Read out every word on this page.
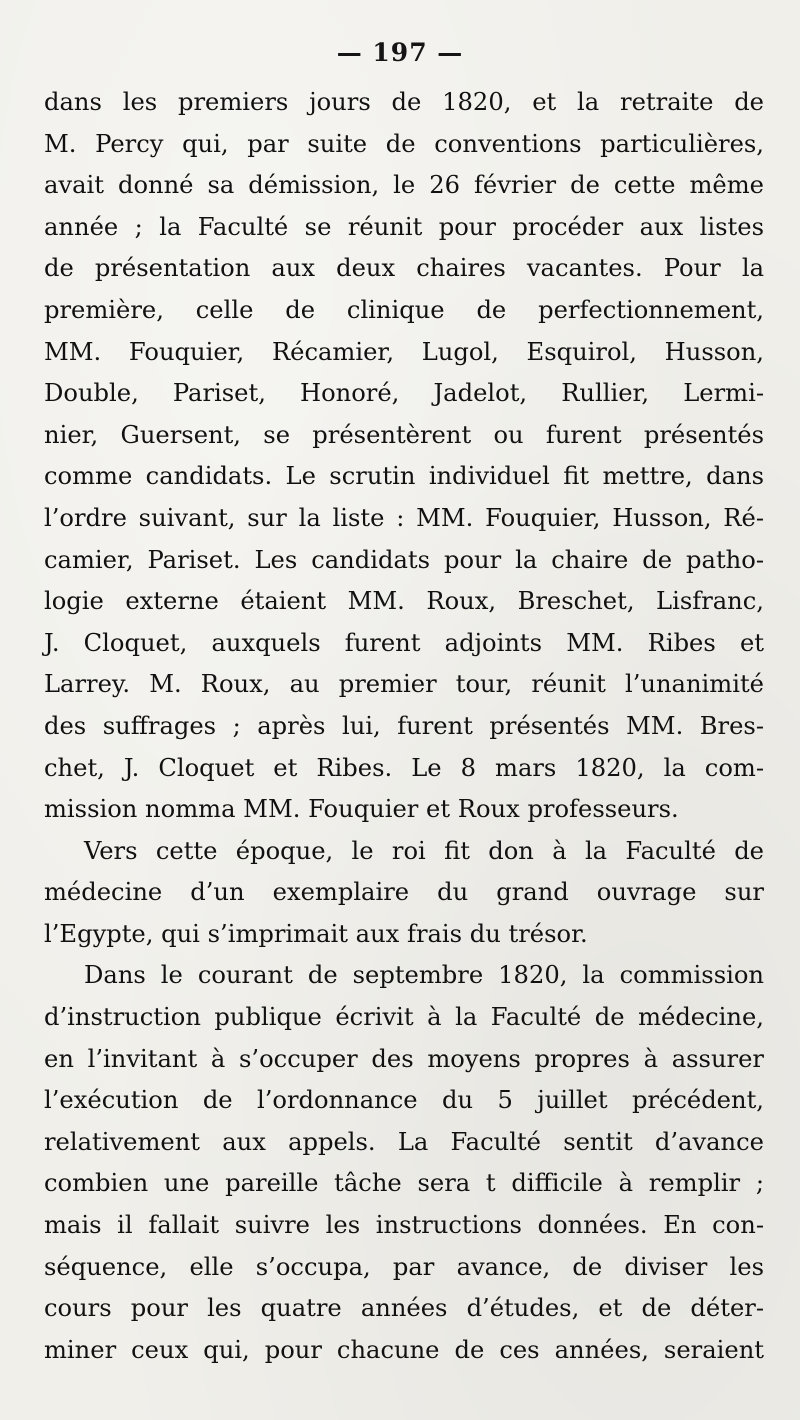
— 197 —
dans les premiers jours de 1820, et la retraite de
M. Percy qui, par suite de conventions particulières,
avait donné sa démission, le 26 février de cette même
année ; la Faculté se réunit pour procéder aux listes
de présentation aux deux chaires vacantes. Pour la
première, celle de clinique de perfectionnement,
MM. Fouquier, Récamier, Lugol, Esquirol, Husson,
Double, Pariset, Honoré, Jadelot, Rullier, Lermi-
nier, Guersent, se présentèrent ou furent présentés
comme candidats. Le scrutin individuel fit mettre, dans
l’ordre suivant, sur la liste : MM. Fouquier, Husson, Ré-
camier, Pariset. Les candidats pour la chaire de patho-
logie externe étaient MM. Roux, Breschet, Lisfranc,
J. Cloquet, auxquels furent adjoints MM. Ribes et
Larrey. M. Roux, au premier tour, réunit l’unanimité
des suffrages ; après lui, furent présentés MM. Bres-
chet, J. Cloquet et Ribes. Le 8 mars 1820, la com-
mission nomma MM. Fouquier et Roux professeurs.
Vers cette époque, le roi fit don à la Faculté de
médecine d’un exemplaire du grand ouvrage sur
l’Egypte, qui s’imprimait aux frais du trésor.
Dans le courant de septembre 1820, la commission
d’instruction publique écrivit à la Faculté de médecine,
en l’invitant à s’occuper des moyens propres à assurer
l’exécution de l’ordonnance du 5 juillet précédent,
relativement aux appels. La Faculté sentit d’avance
combien une pareille tâche sera t difficile à remplir ;
mais il fallait suivre les instructions données. En con-
séquence, elle s’occupa, par avance, de diviser les
cours pour les quatre années d’études, et de déter-
miner ceux qui, pour chacune de ces années, seraient
